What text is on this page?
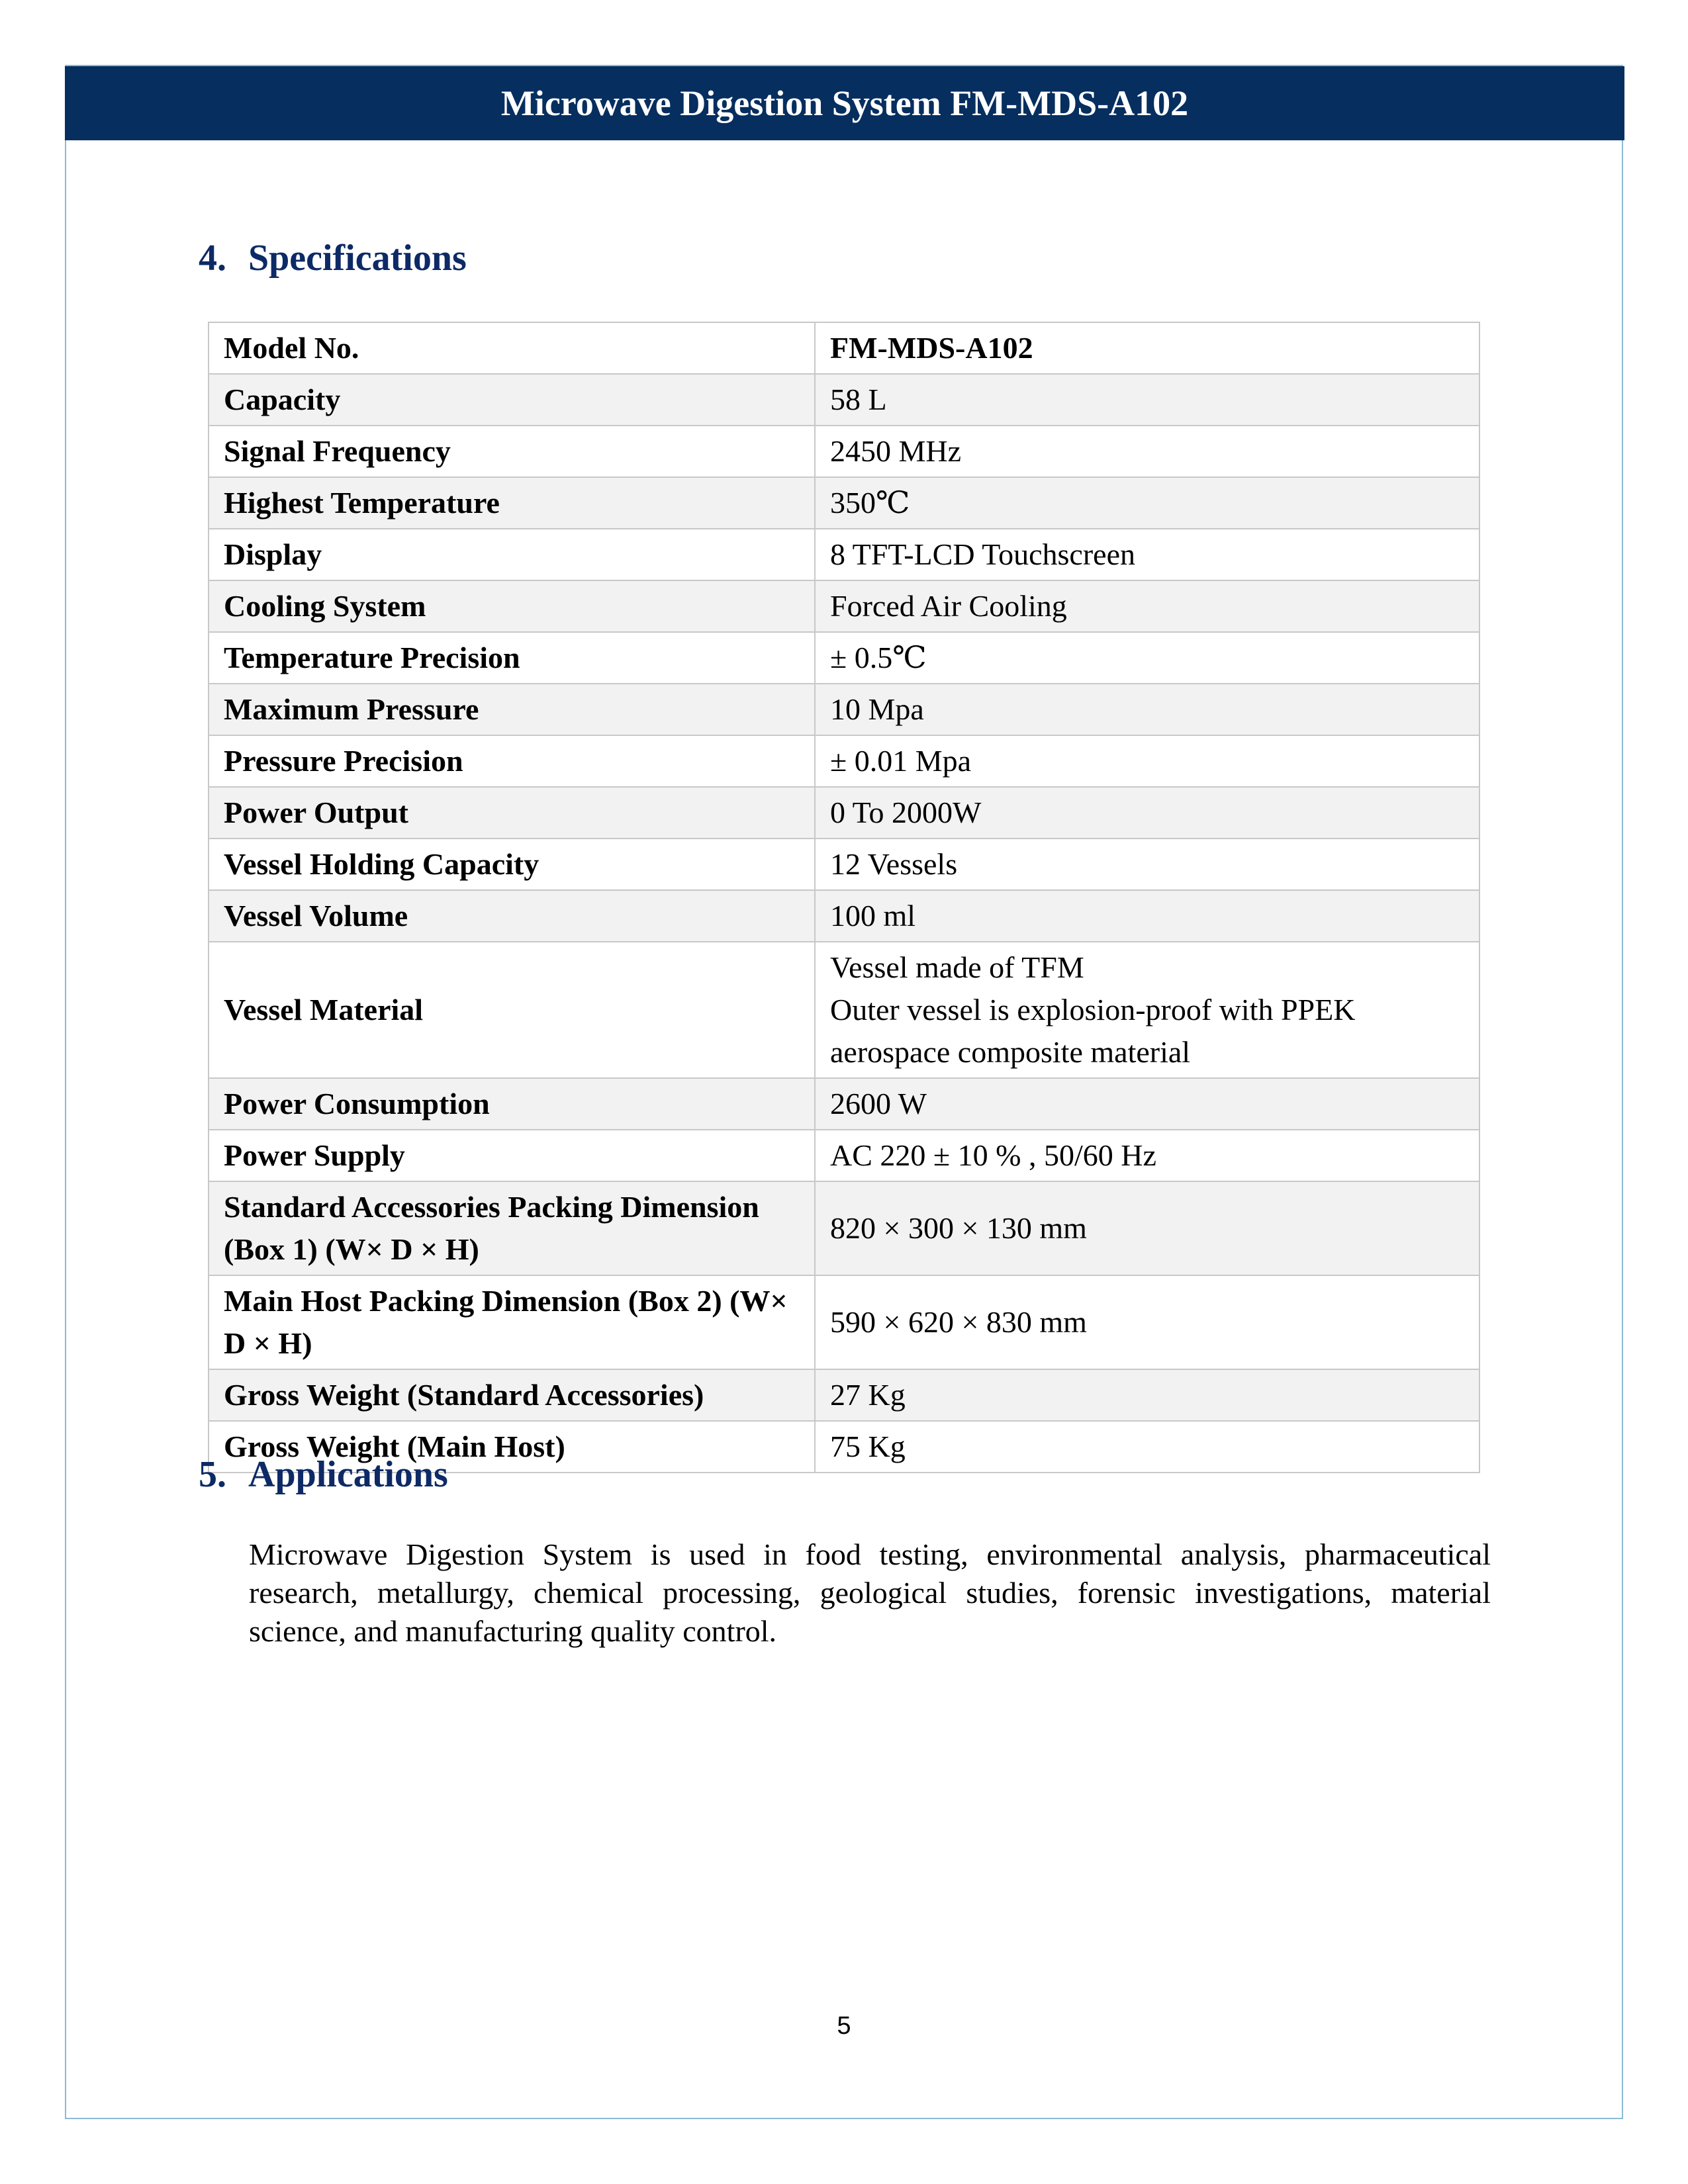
Microwave Digestion System FM-MDS-A102
4. Specifications
Model No.	FM-MDS-A102

Capacity	58 L

Signal Frequency	2450 MHz

Highest Temperature	350℃

Display	8 TFT-LCD Touchscreen

Cooling System	Forced Air Cooling

Temperature Precision	± 0.5℃

Maximum Pressure	10 Mpa

Pressure Precision	± 0.01 Mpa

Power Output	0 To 2000W

Vessel Holding Capacity	12 Vessels

Vessel Volume	100 ml

Vessel Material	Vessel made of TFM
Outer vessel is explosion-proof with PPEK
aerospace composite material

Power Consumption	2600 W

Power Supply	AC 220 ± 10 % , 50/60 Hz

Standard Accessories Packing Dimension (Box 1) (W× D × H)	820 × 300 × 130 mm

Main Host Packing Dimension (Box 2) (W× D × H)	590 × 620 × 830 mm

Gross Weight (Standard Accessories)	27 Kg

Gross Weight (Main Host)	75 Kg
5. Applications
Microwave Digestion System is used in food testing, environmental analysis, pharmaceutical research, metallurgy, chemical processing, geological studies, forensic investigations, material science, and manufacturing quality control.
5
